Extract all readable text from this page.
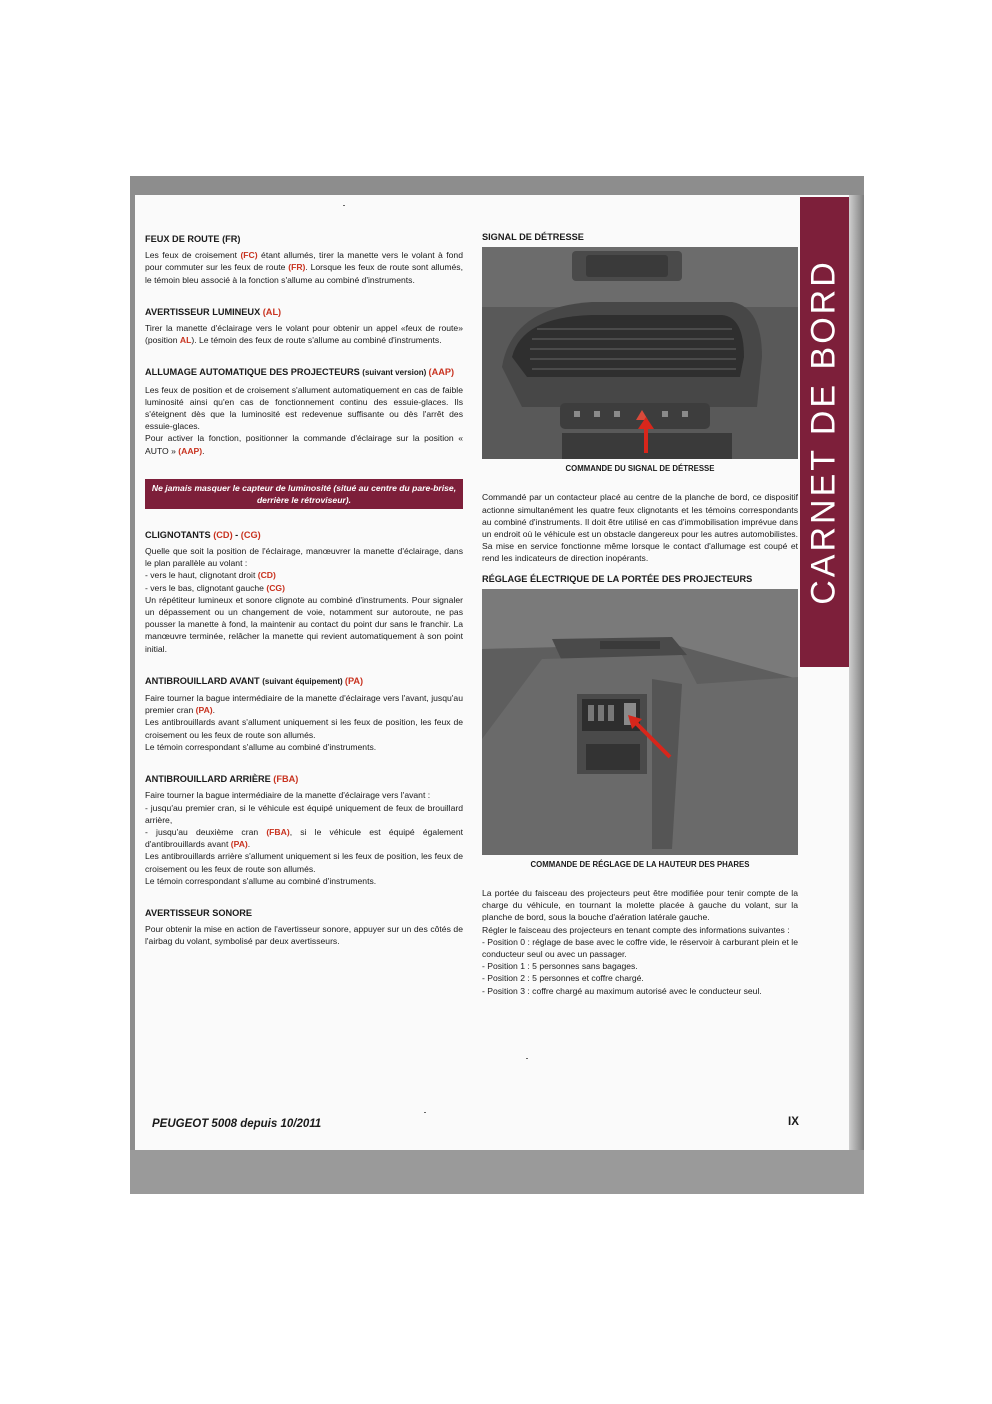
CARNET DE BORD
FEUX DE ROUTE (FR)

Les feux de croisement (FC) étant allumés, tirer la manette vers le volant à fond pour commuter sur les feux de route (FR). Lorsque les feux de route sont allumés, le témoin bleu associé à la fonction s'allume au combiné d'instruments.

AVERTISSEUR LUMINEUX (AL)

Tirer la manette d'éclairage vers le volant pour obtenir un appel «feux de route» (position AL). Le témoin des feux de route s'allume au combiné d'instruments.

ALLUMAGE AUTOMATIQUE DES PROJECTEURS (suivant version) (AAP)

Les feux de position et de croisement s'allument automatiquement en cas de faible luminosité ainsi qu'en cas de fonctionnement continu des essuie-glaces. Ils s'éteignent dès que la luminosité est redevenue suffisante ou dès l'arrêt des essuie-glaces.

Pour activer la fonction, positionner la commande d'éclairage sur la position « AUTO » (AAP).

Ne jamais masquer le capteur de luminosité (situé au centre du pare-brise, derrière le rétroviseur).

CLIGNOTANTS (CD) - (CG)

Quelle que soit la position de l'éclairage, manœuvrer la manette d'éclairage, dans le plan parallèle au volant :

- vers le haut, clignotant droit (CD)

- vers le bas, clignotant gauche (CG)

Un répétiteur lumineux et sonore clignote au combiné d'instruments. Pour signaler un dépassement ou un changement de voie, notamment sur autoroute, ne pas pousser la manette à fond, la maintenir au contact du point dur sans le franchir. La manœuvre terminée, relâcher la manette qui revient automatiquement à son point initial.

ANTIBROUILLARD AVANT (suivant équipement) (PA)

Faire tourner la bague intermédiaire de la manette d'éclairage vers l'avant, jusqu'au premier cran (PA).

Les antibrouillards avant s'allument uniquement si les feux de position, les feux de croisement ou les feux de route son allumés.

Le témoin correspondant s'allume au combiné d'instruments.

ANTIBROUILLARD ARRIÈRE (FBA)

Faire tourner la bague intermédiaire de la manette d'éclairage vers l'avant :

- jusqu'au premier cran, si le véhicule est équipé uniquement de feux de brouillard arrière,

- jusqu'au deuxième cran (FBA), si le véhicule est équipé également d'antibrouillards avant (PA).

Les antibrouillards arrière s'allument uniquement si les feux de position, les feux de croisement ou les feux de route son allumés.

Le témoin correspondant s'allume au combiné d'instruments.

AVERTISSEUR SONORE

Pour obtenir la mise en action de l'avertisseur sonore, appuyer sur un des côtés de l'airbag du volant, symbolisé par deux avertisseurs.

SIGNAL DE DÉTRESSE

COMMANDE DU SIGNAL DE DÉTRESSE

Commandé par un contacteur placé au centre de la planche de bord, ce dispositif actionne simultanément les quatre feux clignotants et les témoins correspondants au combiné d'instruments. Il doit être utilisé en cas d'immobilisation imprévue dans un endroit où le véhicule est un obstacle dangereux pour les autres automobilistes. Sa mise en service fonctionne même lorsque le contact d'allumage est coupé et rend les indicateurs de direction inopérants.

RÉGLAGE ÉLECTRIQUE DE LA PORTÉE DES PROJECTEURS

COMMANDE DE RÉGLAGE DE LA HAUTEUR DES PHARES

La portée du faisceau des projecteurs peut être modifiée pour tenir compte de la charge du véhicule, en tournant la molette placée à gauche du volant, sur la planche de bord, sous la bouche d'aération latérale gauche.

Régler le faisceau des projecteurs en tenant compte des informations suivantes :

- Position 0 : réglage de base avec le coffre vide, le réservoir à carburant plein et le conducteur seul ou avec un passager.

- Position 1 : 5 personnes sans bagages.

- Position 2 : 5 personnes et coffre chargé.

- Position 3 : coffre chargé au maximum autorisé avec le conducteur seul.

PEUGEOT 5008 depuis 10/2011	IX
